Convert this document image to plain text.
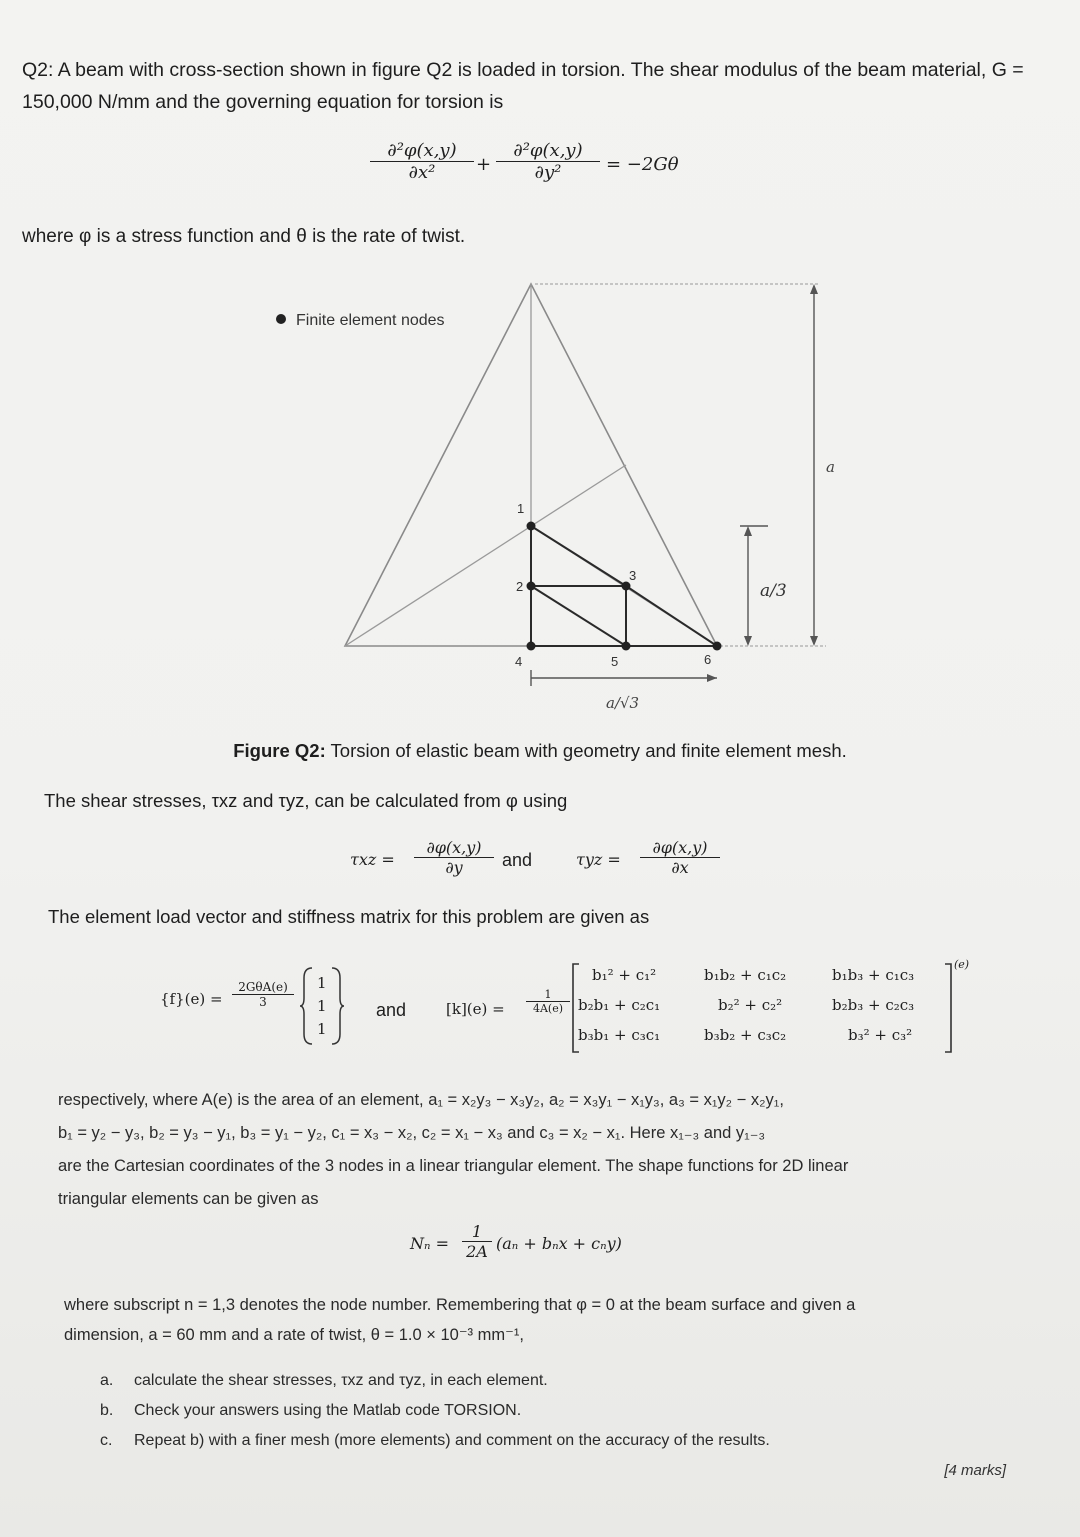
Q2: A beam with cross-section shown in figure Q2 is loaded in torsion. The shear modulus of the beam material, G = 150,000 N/mm and the governing equation for torsion is
$\frac{\text{∂²φ(x,y)}}{\text{∂x²}} + \frac{\text{∂²φ(x,y)}}{\text{∂y²}} = -2G\theta$
where φ is a stress function and θ is the rate of twist.
1
2
3
4	5	6
Finite element nodes
a
a/3
a/√3
Figure Q2: Torsion of elastic beam with geometry and finite element mesh.
The shear stresses, τxz and τyz, can be calculated from φ using
$\tau xz = \frac{\partial\varphi(x,y)}{\partial y}$ and	$\tau yz = \frac{\partial\varphi(x,y)}{\partial x}$
The element load vector and stiffness matrix for this problem are given as
{f}(e) =
2GθA(e)
3
1
1
1
and	$[k](e) = \frac{1}{4A(e)}$
b₁² + c₁²	b₁b₂ + c₁c₂	b₁b₃ + c₁c₃
b₂b₁ + c₂c₁	b₂² + c₂²	b₂b₃ + c₂c₃
b₃b₁ + c₃c₁	b₃b₂ + c₃c₂	b₃² + c₃²
(e)
respectively, where A(e) is the area of an element, a₁ = x₂y₃ − x₃y₂, a₂ = x₃y₁ − x₁y₃, a₃ = x₁y₂ − x₂y₁,
b₁ = y₂ − y₃, b₂ = y₃ − y₁, b₃ = y₁ − y₂, c₁ = x₃ − x₂, c₂ = x₁ − x₃ and c₃ = x₂ − x₁. Here x₁₋₃ and y₁₋₃
are the Cartesian coordinates of the 3 nodes in a linear triangular element. The shape functions for 2D linear
triangular elements can be given as
$N_n = \frac{1}{2A} (a_n + b_nx + c_ny)$
where subscript n = 1,3 denotes the node number. Remembering that φ = 0 at the beam surface and given a
dimension, a = 60 mm and a rate of twist, θ = 1.0 × 10⁻³ mm⁻¹,
a. calculate the shear stresses, τxz and τyz, in each element.
b. Check your answers using the Matlab code TORSION.
c. Repeat b) with a finer mesh (more elements) and comment on the accuracy of the results.
[4 marks]
